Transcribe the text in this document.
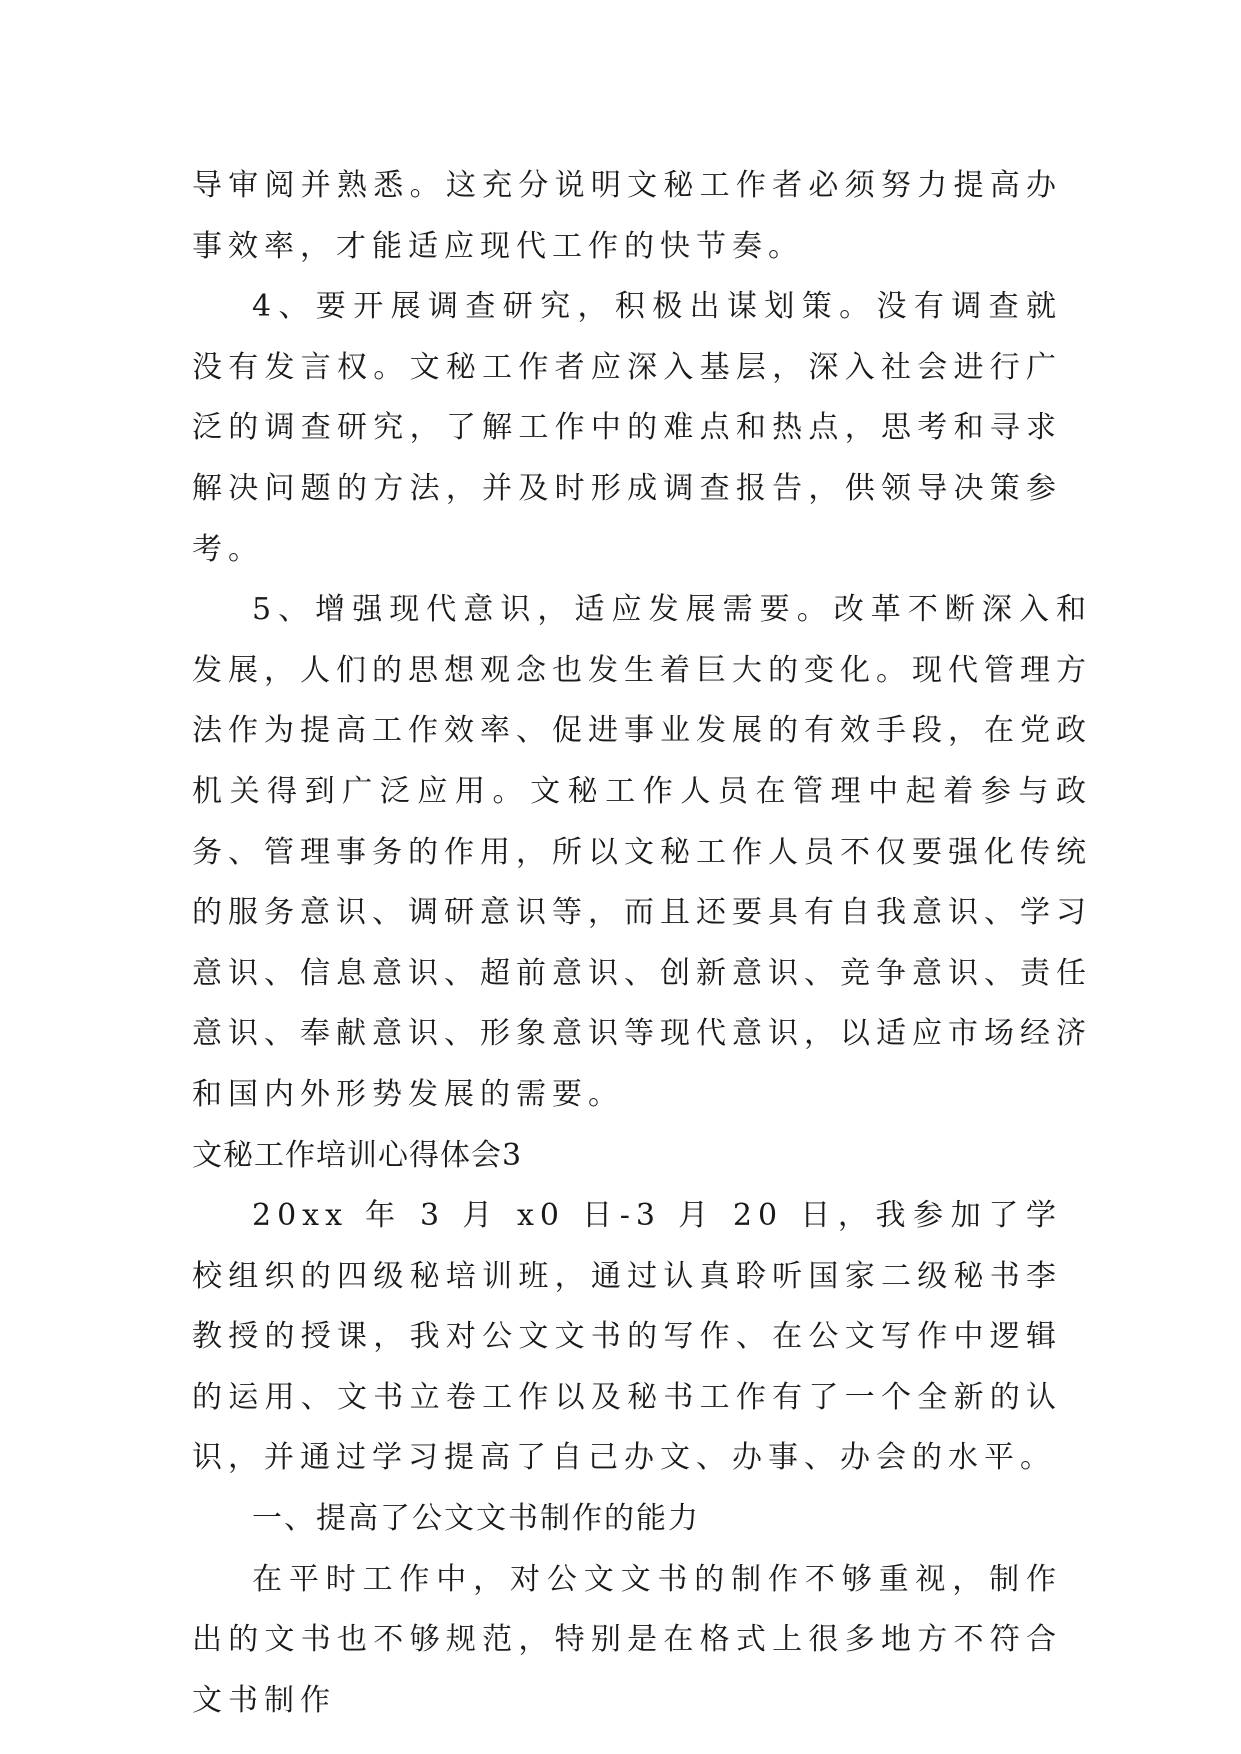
导审阅并熟悉。这充分说明文秘工作者必须努力提高办事效率，才能适应现代工作的快节奏。

4、要开展调查研究，积极出谋划策。没有调查就没有发言权。文秘工作者应深入基层，深入社会进行广泛的调查研究，了解工作中的难点和热点，思考和寻求解决问题的方法，并及时形成调查报告，供领导决策参考。

5、增强现代意识，适应发展需要。改革不断深入和发展，人们的思想观念也发生着巨大的变化。现代管理方法作为提高工作效率、促进事业发展的有效手段，在党政机关得到广泛应用。文秘工作人员在管理中起着参与政务、管理事务的作用，所以文秘工作人员不仅要强化传统的服务意识、调研意识等，而且还要具有自我意识、学习意识、信息意识、超前意识、创新意识、竞争意识、责任意识、奉献意识、形象意识等现代意识，以适应市场经济和国内外形势发展的需要。

文秘工作培训心得体会3

20xx 年 3 月 x0 日-3 月 20 日，我参加了学校组织的四级秘培训班，通过认真聆听国家二级秘书李教授的授课，我对公文文书的写作、在公文写作中逻辑的运用、文书立卷工作以及秘书工作有了一个全新的认识，并通过学习提高了自己办文、办事、办会的水平。

一、提高了公文文书制作的能力

在平时工作中，对公文文书的制作不够重视，制作出的文书也不够规范，特别是在格式上很多地方不符合文书制作
